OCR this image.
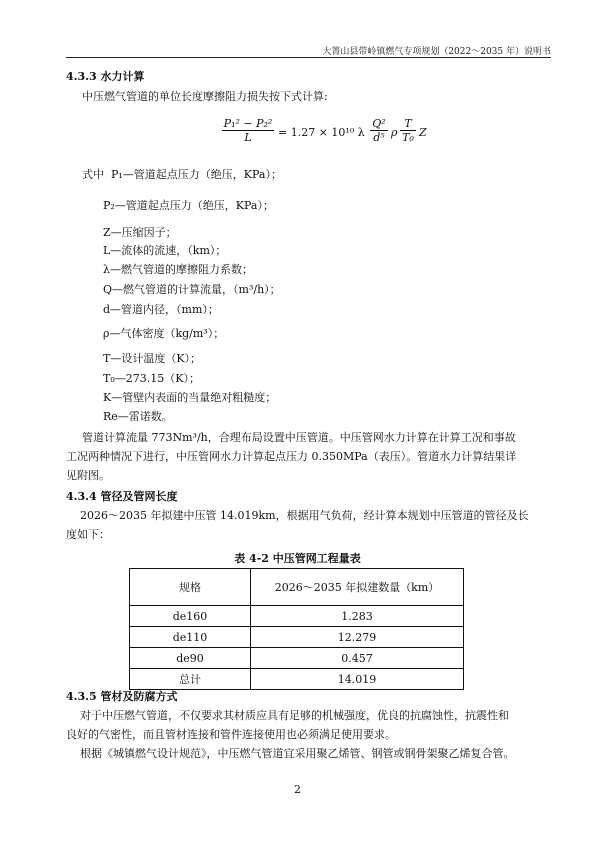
大箐山县带岭镇燃气专项规划（2022～2035 年）说明书
4.3.3 水力计算
中压燃气管道的单位长度摩擦阻力损失按下式计算:
$\frac{\text{P₁² − P₂²}}{L} = 1.27 \times 10^{10}$ λ $\frac{\text{Q²}}{\text{d⁵}}$ ρ $\frac{T}{\text{T₀}}$ Z
式中 P₁—管道起点压力（绝压，KPa）；
P₂—管道起点压力（绝压，KPa）；
Z—压缩因子；
L—流体的流速，（km）；
λ—燃气管道的摩擦阻力系数；
Q—燃气管道的计算流量，（m³/h）；
d—管道内径，（mm）；
ρ—气体密度（kg/m³）；
T—设计温度（K）；
T₀—273.15（K）；
K—管壁内表面的当量绝对粗糙度；
Re—雷诺数。
管道计算流量 773Nm³/h，合理布局设置中压管道。中压管网水力计算在计算工况和事故
工况两种情况下进行，中压管网水力计算起点压力 0.350MPa（表压）。管道水力计算结果详
见附图。
4.3.4 管径及管网长度
2026～2035 年拟建中压管 14.019km，根据用气负荷，经计算本规划中压管道的管径及长
度如下：
表 4-2 中压管网工程量表
规格	2026～2035 年拟建数量（km）
de160	1.283
de110	12.279
de90	0.457
总计	14.019
4.3.5 管材及防腐方式
对于中压燃气管道，不仅要求其材质应具有足够的机械强度，优良的抗腐蚀性，抗震性和
良好的气密性，而且管材连接和管件连接使用也必须满足使用要求。
根据《城镇燃气设计规范》，中压燃气管道宜采用聚乙烯管、钢管或钢骨架聚乙烯复合管。
2
